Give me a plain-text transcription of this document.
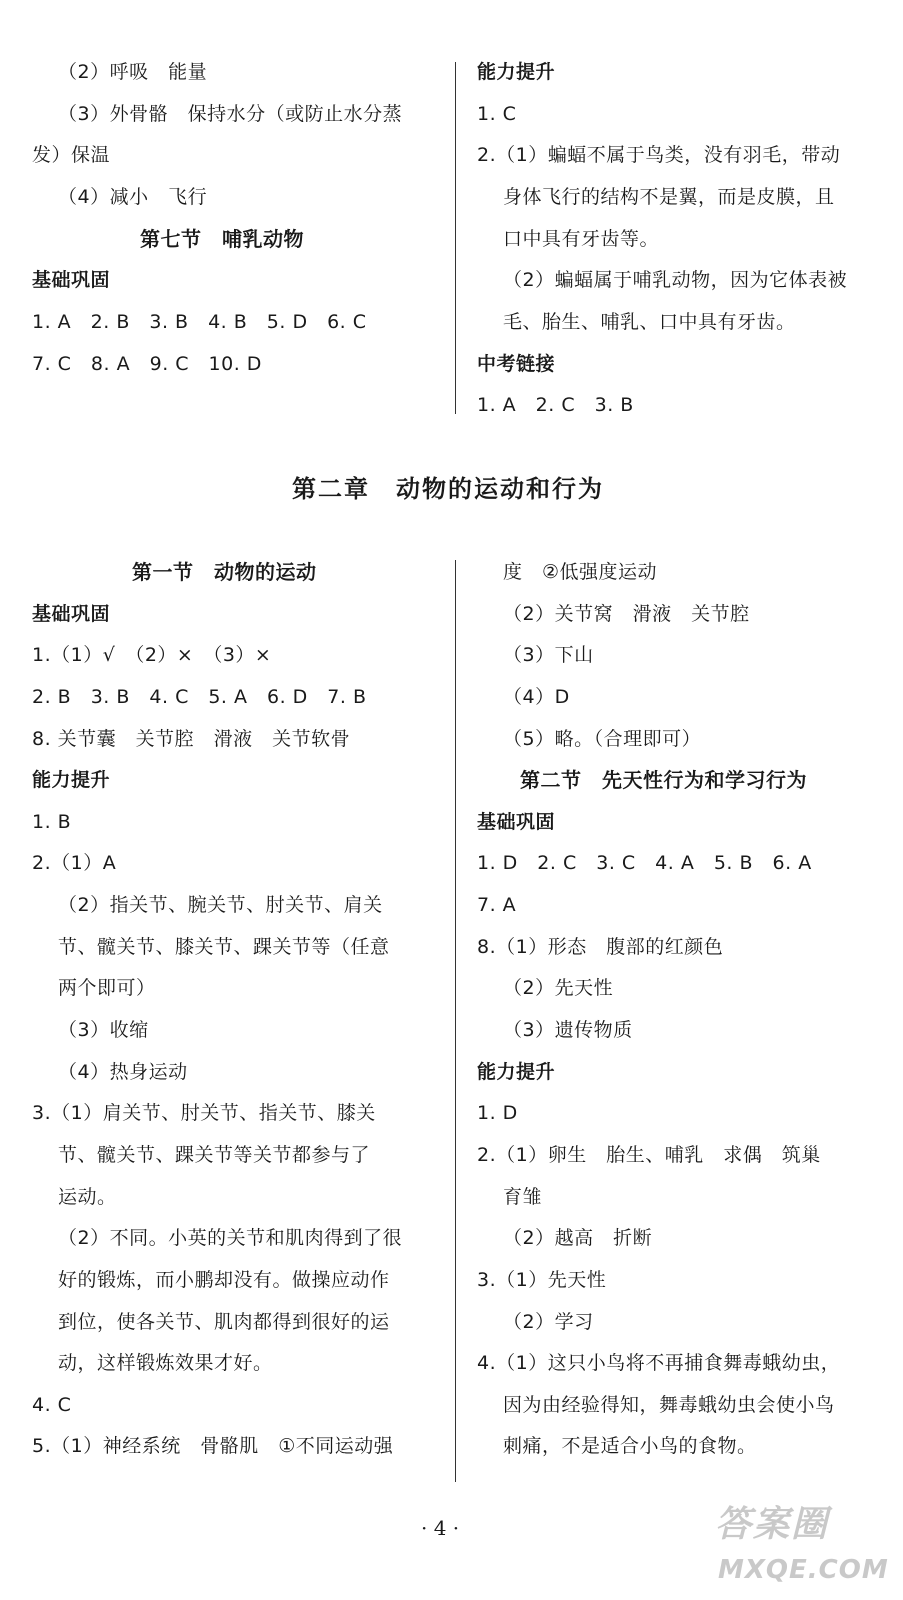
（2）呼吸　能量
（3）外骨骼　保持水分（或防止水分蒸
发）保温
（4）减小　飞行
第七节　哺乳动物
基础巩固
1. A　2. B　3. B　4. B　5. D　6. C
7. C　8. A　9. C　10. D
能力提升
1. C
2.（1）蝙蝠不属于鸟类，没有羽毛，带动
身体飞行的结构不是翼，而是皮膜，且
口中具有牙齿等。
（2）蝙蝠属于哺乳动物，因为它体表被
毛、胎生、哺乳、口中具有牙齿。
中考链接
1. A　2. C　3. B
第二章　动物的运动和行为
第一节　动物的运动
基础巩固
1.（1）√　（2）×　（3）×
2. B　3. B　4. C　5. A　6. D　7. B
8. 关节囊　关节腔　滑液　关节软骨
能力提升
1. B
2.（1）A
（2）指关节、腕关节、肘关节、肩关
节、髋关节、膝关节、踝关节等（任意
两个即可）
（3）收缩
（4）热身运动
3.（1）肩关节、肘关节、指关节、膝关
节、髋关节、踝关节等关节都参与了
运动。
（2）不同。小英的关节和肌肉得到了很
好的锻炼，而小鹏却没有。做操应动作
到位，使各关节、肌肉都得到很好的运
动，这样锻炼效果才好。
4. C
5.（1）神经系统　骨骼肌　①不同运动强
度　②低强度运动
（2）关节窝　滑液　关节腔
（3）下山
（4）D
（5）略。（合理即可）
第二节　先天性行为和学习行为
基础巩固
1. D　2. C　3. C　4. A　5. B　6. A
7. A
8.（1）形态　腹部的红颜色
（2）先天性
（3）遗传物质
能力提升
1. D
2.（1）卵生　胎生、哺乳　求偶　筑巢
育雏
（2）越高　折断
3.（1）先天性
（2）学习
4.（1）这只小鸟将不再捕食舞毒蛾幼虫，
因为由经验得知，舞毒蛾幼虫会使小鸟
刺痛，不是适合小鸟的食物。
· 4 ·	答案圈
MXQE.COM
